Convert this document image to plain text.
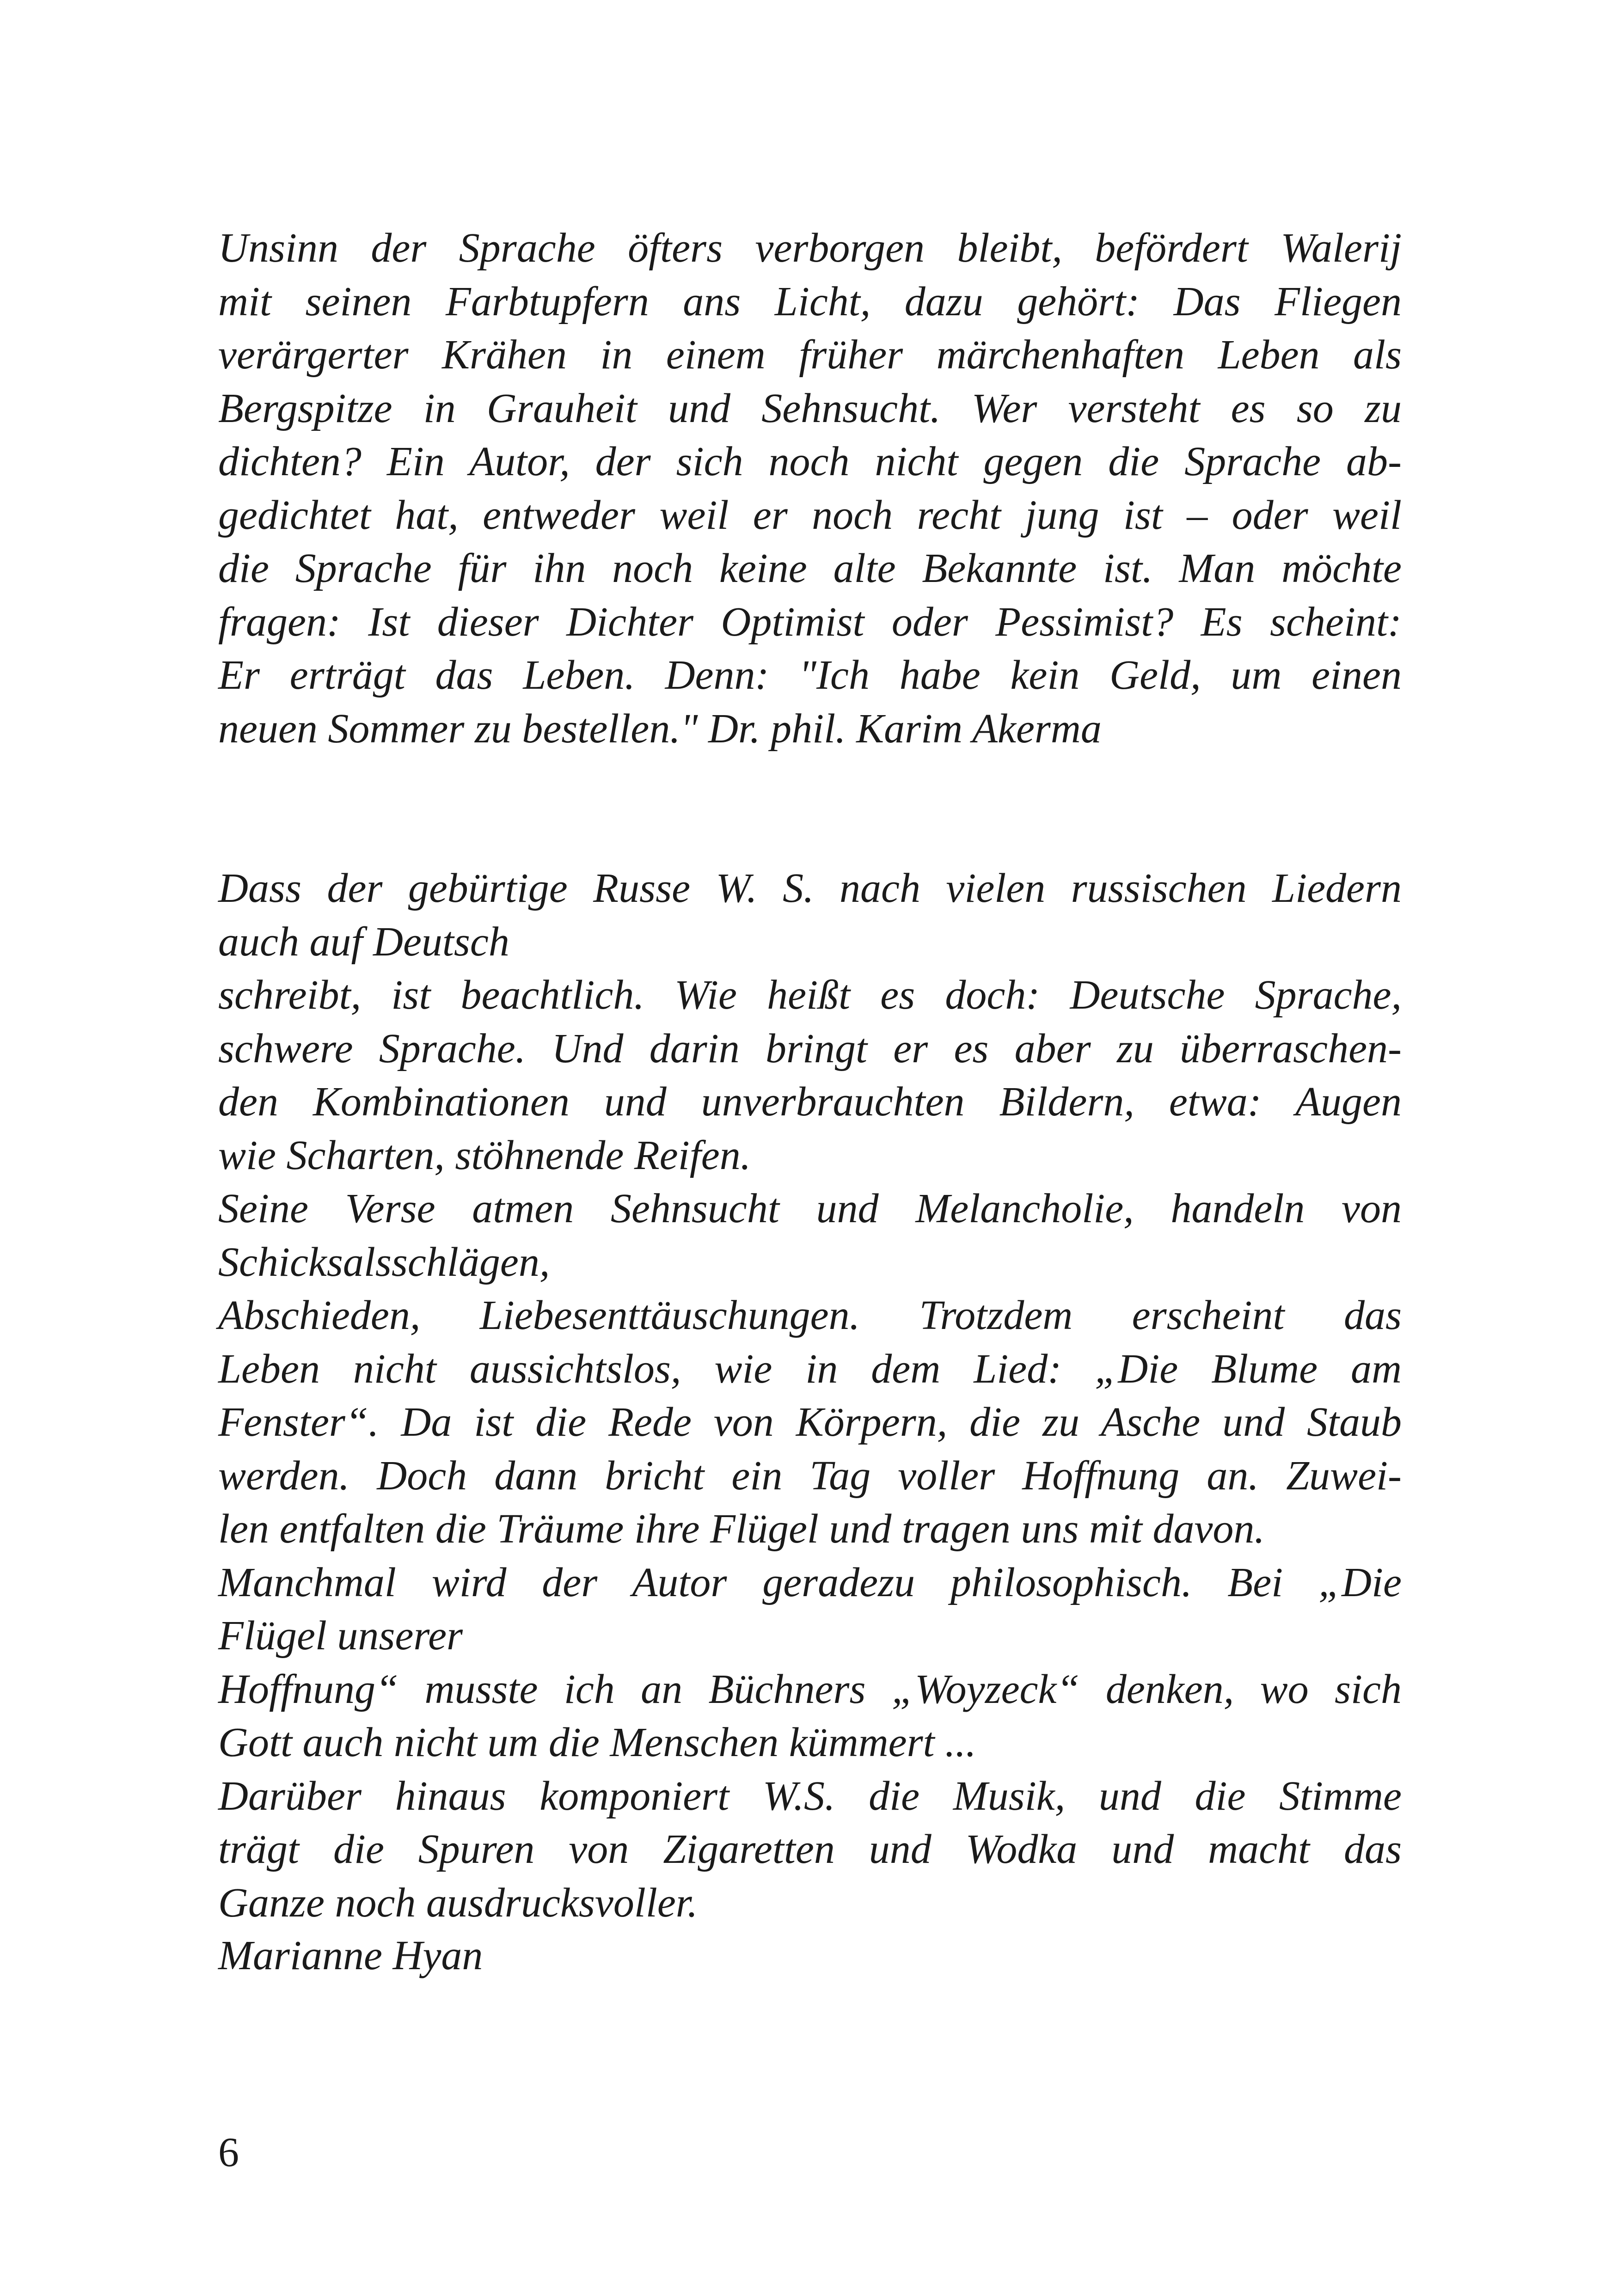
Unsinn der Sprache öfters verborgen bleibt, befördert Walerij
mit seinen Farbtupfern ans Licht, dazu gehört: Das Fliegen
verärgerter Krähen in einem früher märchenhaften Leben als
Bergspitze in Grauheit und Sehnsucht. Wer versteht es so zu
dichten? Ein Autor, der sich noch nicht gegen die Sprache ab-
gedichtet hat, entweder weil er noch recht jung ist – oder weil
die Sprache für ihn noch keine alte Bekannte ist. Man möchte
fragen: Ist dieser Dichter Optimist oder Pessimist? Es scheint:
Er erträgt das Leben. Denn: "Ich habe kein Geld, um einen
neuen Sommer zu bestellen." Dr. phil. Karim Akerma
Dass der gebürtige Russe W. S. nach vielen russischen Liedern
auch auf Deutsch
schreibt, ist beachtlich. Wie heißt es doch: Deutsche Sprache,
schwere Sprache. Und darin bringt er es aber zu überraschen-
den Kombinationen und unverbrauchten Bildern, etwa: Augen
wie Scharten, stöhnende Reifen.
Seine Verse atmen Sehnsucht und Melancholie, handeln von
Schicksalsschlägen,
Abschieden, Liebesenttäuschungen. Trotzdem erscheint das
Leben nicht aussichtslos, wie in dem Lied: „Die Blume am
Fenster“. Da ist die Rede von Körpern, die zu Asche und Staub
werden. Doch dann bricht ein Tag voller Hoffnung an. Zuwei-
len entfalten die Träume ihre Flügel und tragen uns mit davon.
Manchmal wird der Autor geradezu philosophisch. Bei „Die
Flügel unserer
Hoffnung“ musste ich an Büchners „Woyzeck“ denken, wo sich
Gott auch nicht um die Menschen kümmert ...
Darüber hinaus komponiert W.S. die Musik, und die Stimme
trägt die Spuren von Zigaretten und Wodka und macht das
Ganze noch ausdrucksvoller.
Marianne Hyan
6
